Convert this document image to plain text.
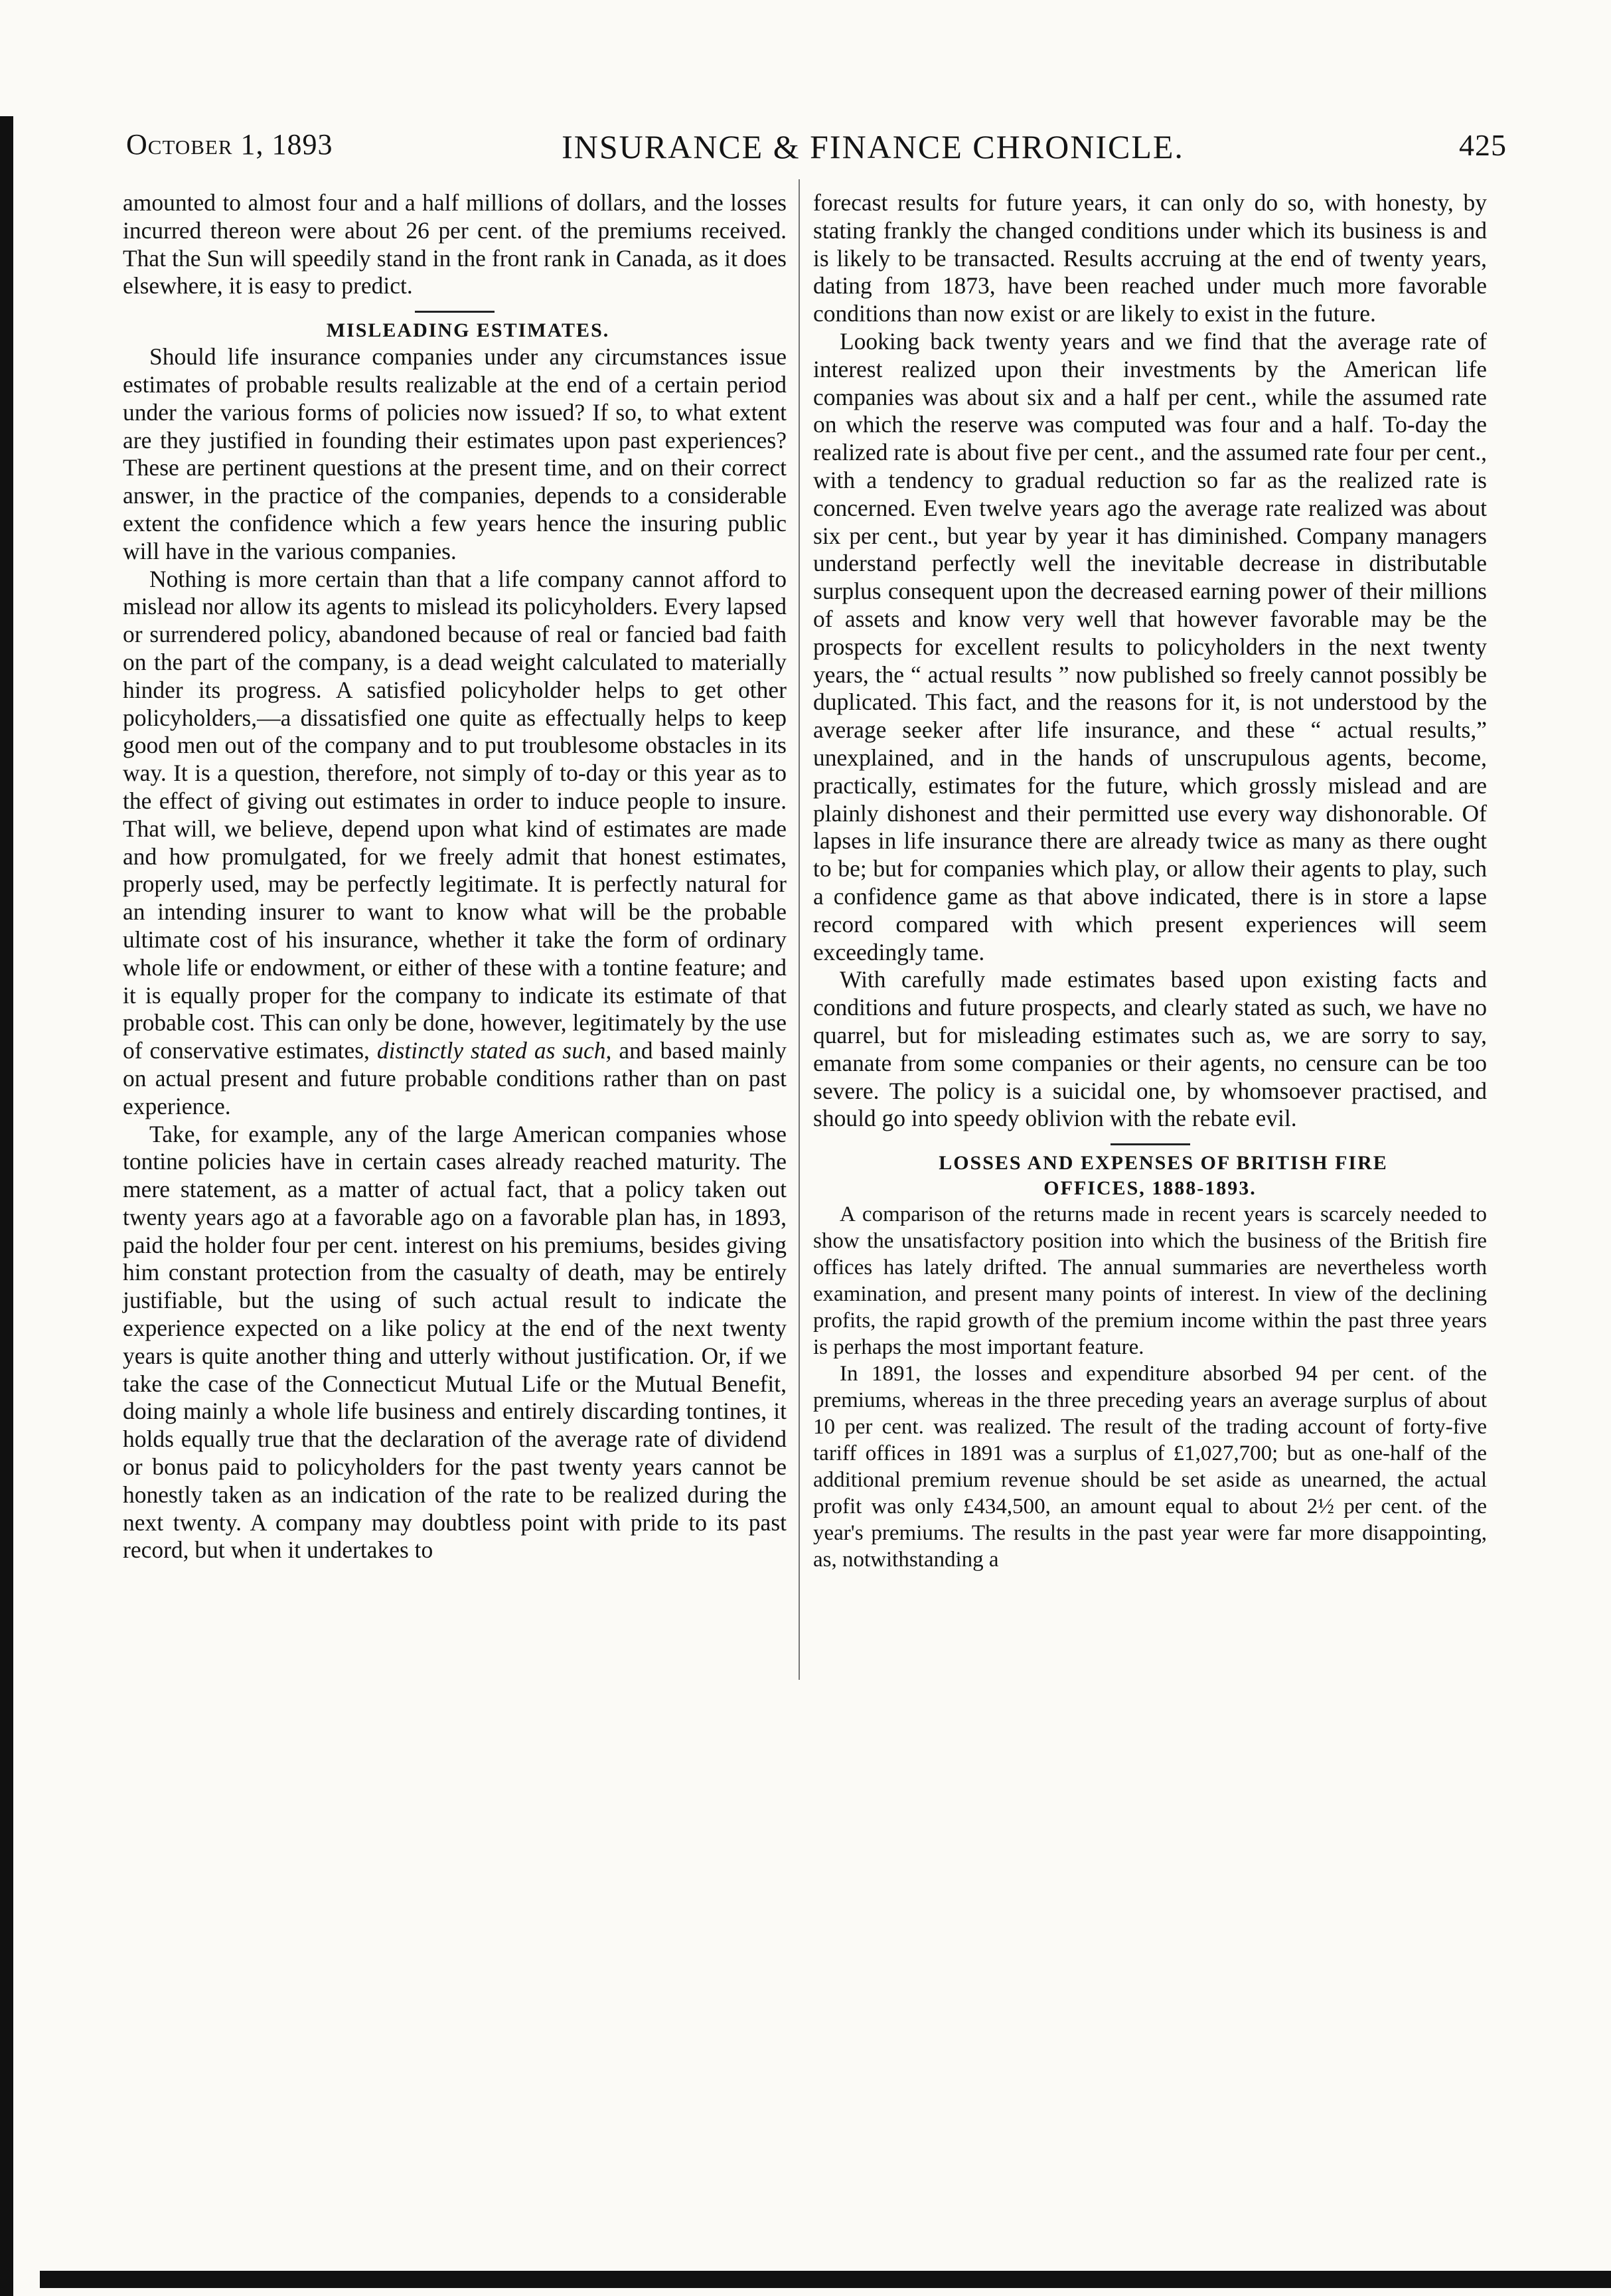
October 1, 1893	INSURANCE & FINANCE CHRONICLE.	425

amounted to almost four and a half millions of dollars, and the losses incurred thereon were about 26 per cent. of the premiums received. That the Sun will speedily stand in the front rank in Canada, as it does elsewhere, it is easy to predict.

MISLEADING ESTIMATES.

Should life insurance companies under any circumstances issue estimates of probable results realizable at the end of a certain period under the various forms of policies now issued? If so, to what extent are they justified in founding their estimates upon past experiences? These are pertinent questions at the present time, and on their correct answer, in the practice of the companies, depends to a considerable extent the confidence which a few years hence the insuring public will have in the various companies.

Nothing is more certain than that a life company cannot afford to mislead nor allow its agents to mislead its policyholders. Every lapsed or surrendered policy, abandoned because of real or fancied bad faith on the part of the company, is a dead weight calculated to materially hinder its progress. A satisfied policyholder helps to get other policyholders,—a dissatisfied one quite as effectually helps to keep good men out of the company and to put troublesome obstacles in its way. It is a question, therefore, not simply of to-day or this year as to the effect of giving out estimates in order to induce people to insure. That will, we believe, depend upon what kind of estimates are made and how promulgated, for we freely admit that honest estimates, properly used, may be perfectly legitimate. It is perfectly natural for an intending insurer to want to know what will be the probable ultimate cost of his insurance, whether it take the form of ordinary whole life or endowment, or either of these with a tontine feature; and it is equally proper for the company to indicate its estimate of that probable cost. This can only be done, however, legitimately by the use of conservative estimates, distinctly stated as such, and based mainly on actual present and future probable conditions rather than on past experience.

Take, for example, any of the large American companies whose tontine policies have in certain cases already reached maturity. The mere statement, as a matter of actual fact, that a policy taken out twenty years ago at a favorable ago on a favorable plan has, in 1893, paid the holder four per cent. interest on his premiums, besides giving him constant protection from the casualty of death, may be entirely justifiable, but the using of such actual result to indicate the experience expected on a like policy at the end of the next twenty years is quite another thing and utterly without justification. Or, if we take the case of the Connecticut Mutual Life or the Mutual Benefit, doing mainly a whole life business and entirely discarding tontines, it holds equally true that the declaration of the average rate of dividend or bonus paid to policyholders for the past twenty years cannot be honestly taken as an indication of the rate to be realized during the next twenty. A company may doubtless point with pride to its past record, but when it undertakes to

forecast results for future years, it can only do so, with honesty, by stating frankly the changed conditions under which its business is and is likely to be transacted. Results accruing at the end of twenty years, dating from 1873, have been reached under much more favorable conditions than now exist or are likely to exist in the future.

Looking back twenty years and we find that the average rate of interest realized upon their investments by the American life companies was about six and a half per cent., while the assumed rate on which the reserve was computed was four and a half. To-day the realized rate is about five per cent., and the assumed rate four per cent., with a tendency to gradual reduction so far as the realized rate is concerned. Even twelve years ago the average rate realized was about six per cent., but year by year it has diminished. Company managers understand perfectly well the inevitable decrease in distributable surplus consequent upon the decreased earning power of their millions of assets and know very well that however favorable may be the prospects for excellent results to policyholders in the next twenty years, the “ actual results ” now published so freely cannot possibly be duplicated. This fact, and the reasons for it, is not understood by the average seeker after life insurance, and these “ actual results,” unexplained, and in the hands of unscrupulous agents, become, practically, estimates for the future, which grossly mislead and are plainly dishonest and their permitted use every way dishonorable. Of lapses in life insurance there are already twice as many as there ought to be; but for companies which play, or allow their agents to play, such a confidence game as that above indicated, there is in store a lapse record compared with which present experiences will seem exceedingly tame.

With carefully made estimates based upon existing facts and conditions and future prospects, and clearly stated as such, we have no quarrel, but for misleading estimates such as, we are sorry to say, emanate from some companies or their agents, no censure can be too severe. The policy is a suicidal one, by whomsoever practised, and should go into speedy oblivion with the rebate evil.

LOSSES AND EXPENSES OF BRITISH FIRE
OFFICES, 1888-1893.

A comparison of the returns made in recent years is scarcely needed to show the unsatisfactory position into which the business of the British fire offices has lately drifted. The annual summaries are nevertheless worth examination, and present many points of interest. In view of the declining profits, the rapid growth of the premium income within the past three years is perhaps the most important feature.

In 1891, the losses and expenditure absorbed 94 per cent. of the premiums, whereas in the three preceding years an average surplus of about 10 per cent. was realized. The result of the trading account of forty-five tariff offices in 1891 was a surplus of £1,027,700; but as one-half of the additional premium revenue should be set aside as unearned, the actual profit was only £434,500, an amount equal to about 2½ per cent. of the year's premiums. The results in the past year were far more disappointing, as, notwithstanding a
